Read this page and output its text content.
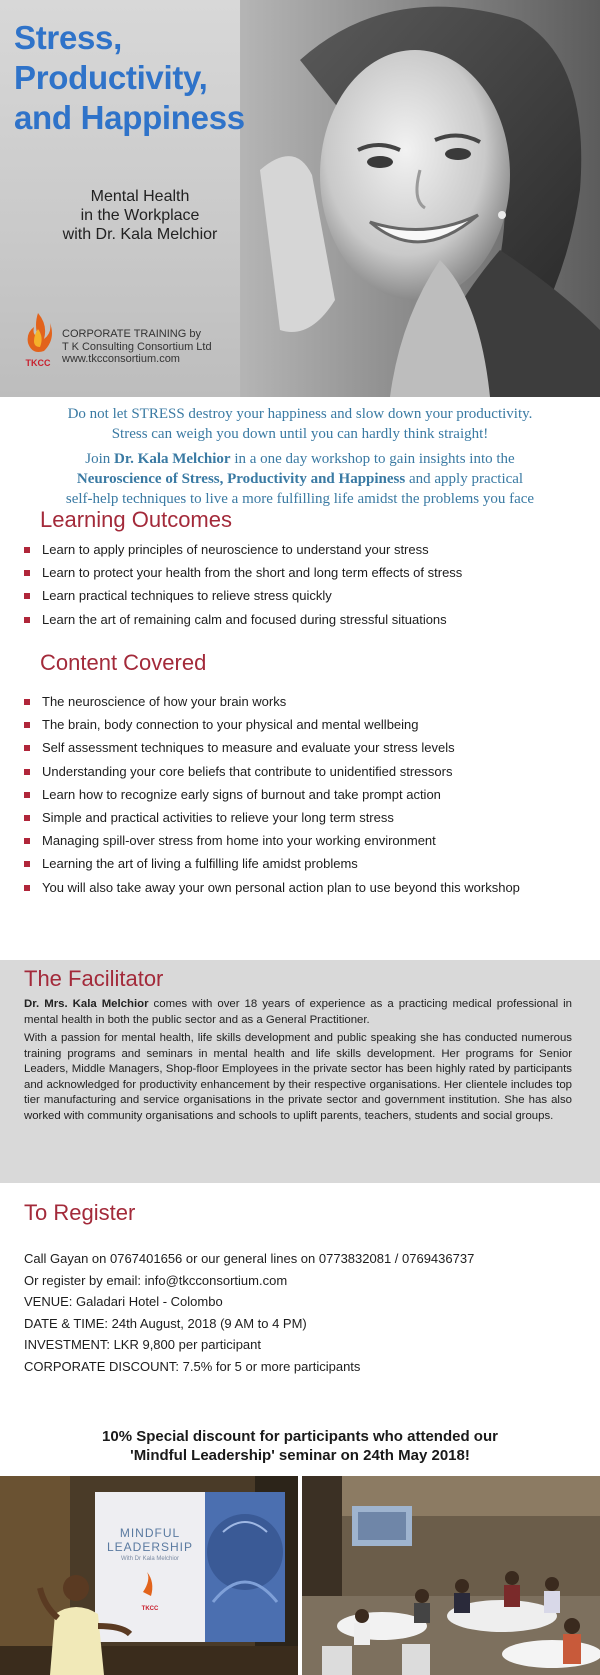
Stress,
Productivity,
and Happiness
Mental Health
in the Workplace
with Dr. Kala Melchior
TKCC
CORPORATE TRAINING by
T K Consulting Consortium Ltd
www.tkcconsortium.com

Do not let STRESS destroy your happiness and slow down your productivity.

Stress can weigh you down until you can hardly think straight!

Join Dr. Kala Melchior in a one day workshop to gain insights into the

Neuroscience of Stress, Productivity and Happiness and apply practical

self-help techniques to live a more fulfilling life amidst the problems you face

Learning Outcomes
Learn to apply principles of neuroscience to understand your stress
Learn to protect your health from the short and long term effects of stress
Learn practical techniques to relieve stress quickly
Learn the art of remaining calm and focused during stressful situations
Content Covered
The neuroscience of how your brain works
The brain, body connection to your physical and mental wellbeing
Self assessment techniques to measure and evaluate your stress levels
Understanding your core beliefs that contribute to unidentified stressors
Learn how to recognize early signs of burnout and take prompt action
Simple and practical activities to relieve your long term stress
Managing spill-over stress from home into your working environment
Learning the art of living a fulfilling life amidst problems
You will also take away your own personal action plan to use beyond this workshop
The Facilitator

Dr. Mrs. Kala Melchior comes with over 18 years of experience as a practicing medical professional in mental health in both the public sector and as a General Practitioner.

With a passion for mental health, life skills development and public speaking she has conducted numerous training programs and seminars in mental health and life skills development. Her programs for Senior Leaders, Middle Managers, Shop-floor Employees in the private sector has been highly rated by participants and acknowledged for productivity enhancement by their respective organisations. Her clientele includes top tier manufacturing and service organisations in the private sector and government institution. She has also worked with community organisations and schools to uplift parents, teachers, students and social groups.

To Register
Call Gayan on 0767401656 or our general lines on 0773832081 / 0769436737
Or register by email: info@tkcconsortium.com
VENUE: Galadari Hotel - Colombo
DATE & TIME: 24th August, 2018 (9 AM to 4 PM)
INVESTMENT: LKR 9,800 per participant
CORPORATE DISCOUNT: 7.5% for 5 or more participants
10% Special discount for participants who attended our
'Mindful Leadership' seminar on 24th May 2018!
TKCC
MINDFUL
LEADERSHIP
With Dr Kala Melchior
